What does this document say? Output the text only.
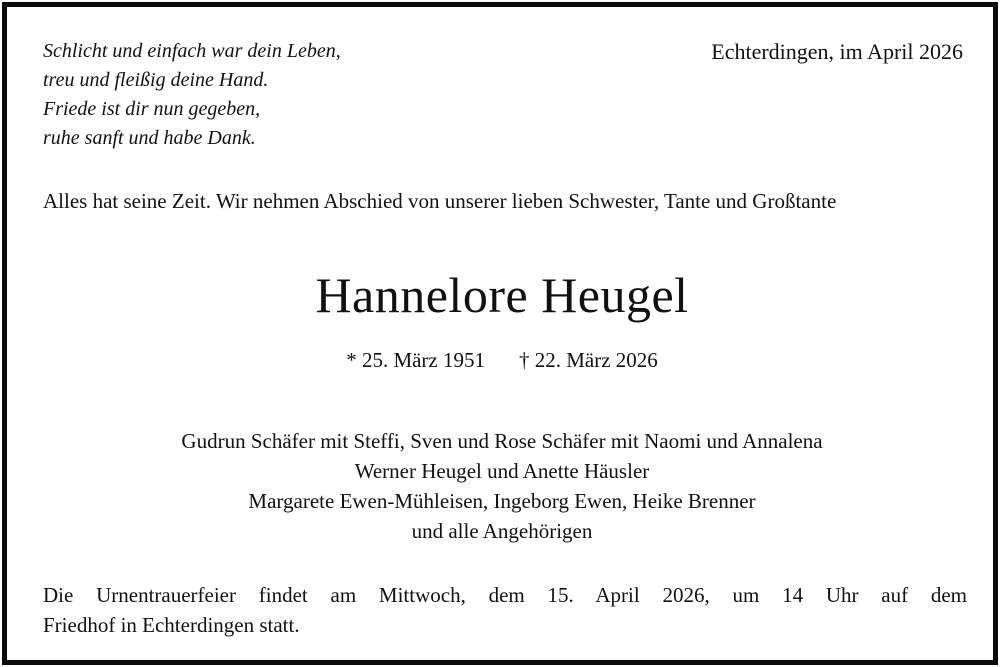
Schlicht und einfach war dein Leben,
treu und fleißig deine Hand.
Friede ist dir nun gegeben,
ruhe sanft und habe Dank.
Echterdingen, im April 2026
Alles hat seine Zeit. Wir nehmen Abschied von unserer lieben Schwester, Tante und Großtante
Hannelore Heugel
* 25. März 1951 † 22. März 2026
Gudrun Schäfer mit Steffi, Sven und Rose Schäfer mit Naomi und Annalena
Werner Heugel und Anette Häusler
Margarete Ewen-Mühleisen, Ingeborg Ewen, Heike Brenner
und alle Angehörigen
Die Urnentrauerfeier findet am Mittwoch, dem 15. April 2026, um 14 Uhr auf dem
Friedhof in Echterdingen statt.
